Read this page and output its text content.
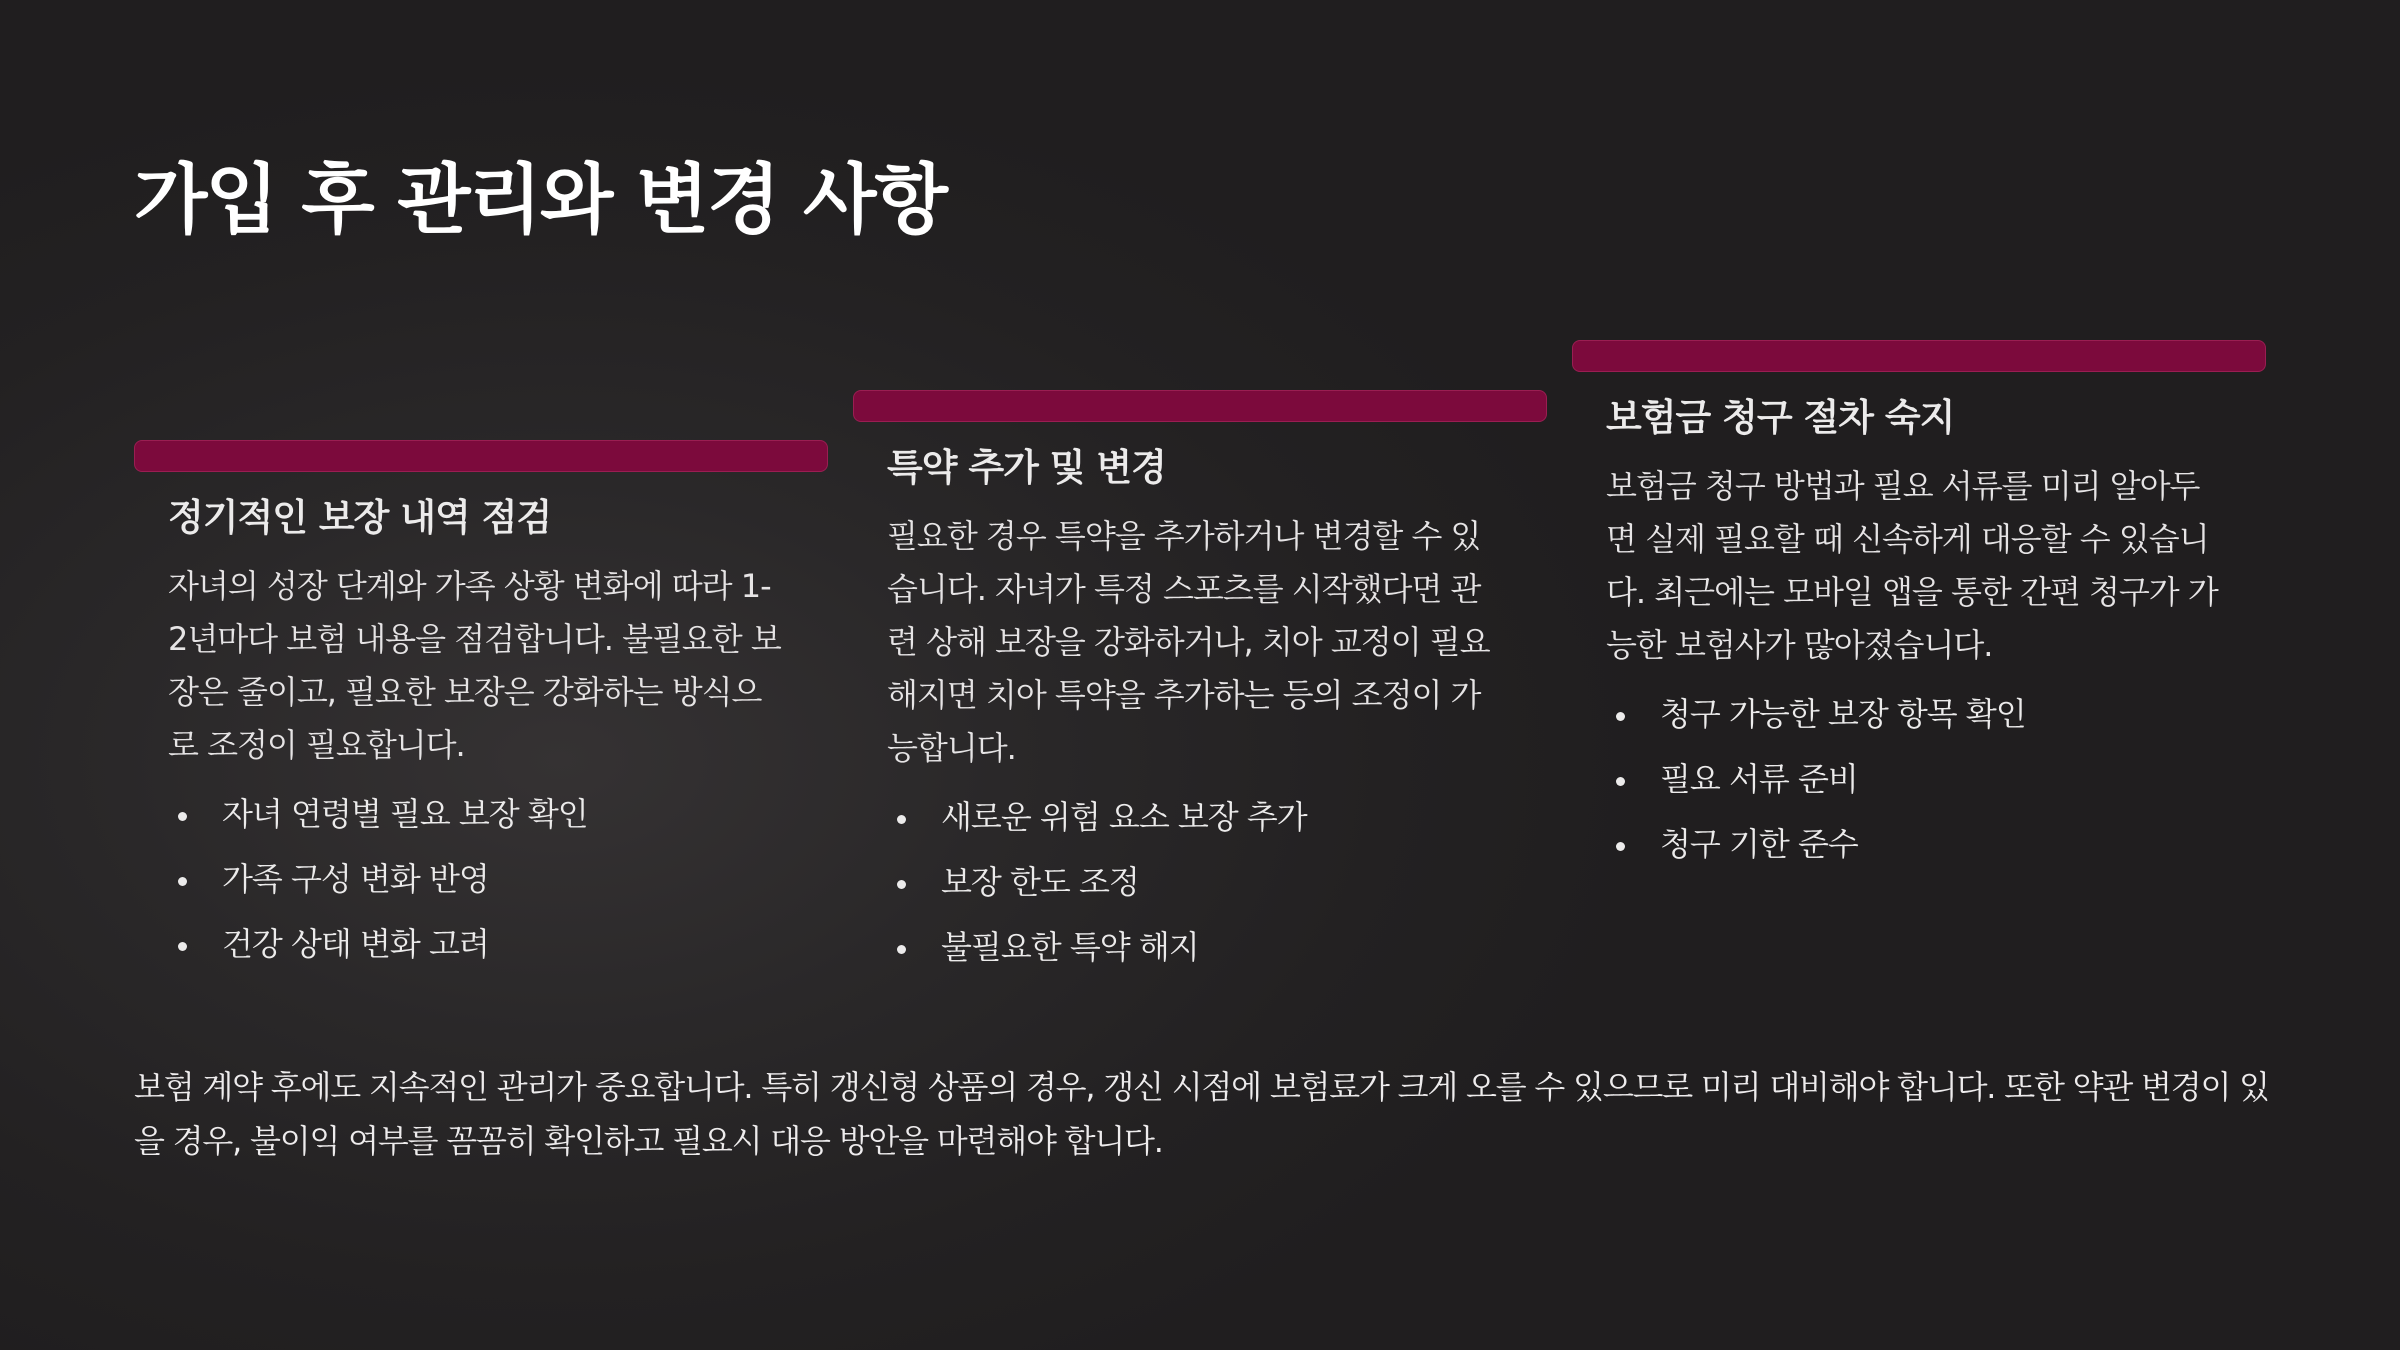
가입 후 관리와 변경 사항
정기적인 보장 내역 점검

자녀의 성장 단계와 가족 상황 변화에 따라 1-2년마다 보험 내용을 점검합니다. 불필요한 보장은 줄이고, 필요한 보장은 강화하는 방식으로 조정이 필요합니다.

자녀 연령별 필요 보장 확인
가족 구성 변화 반영
건강 상태 변화 고려
특약 추가 및 변경

필요한 경우 특약을 추가하거나 변경할 수 있습니다. 자녀가 특정 스포츠를 시작했다면 관련 상해 보장을 강화하거나, 치아 교정이 필요해지면 치아 특약을 추가하는 등의 조정이 가능합니다.

새로운 위험 요소 보장 추가
보장 한도 조정
불필요한 특약 해지
보험금 청구 절차 숙지

보험금 청구 방법과 필요 서류를 미리 알아두면 실제 필요할 때 신속하게 대응할 수 있습니다. 최근에는 모바일 앱을 통한 간편 청구가 가능한 보험사가 많아졌습니다.

청구 가능한 보장 항목 확인
필요 서류 준비
청구 기한 준수

보험 계약 후에도 지속적인 관리가 중요합니다. 특히 갱신형 상품의 경우, 갱신 시점에 보험료가 크게 오를 수 있으므로 미리 대비해야 합니다. 또한 약관 변경이 있을 경우, 불이익 여부를 꼼꼼히 확인하고 필요시 대응 방안을 마련해야 합니다.
